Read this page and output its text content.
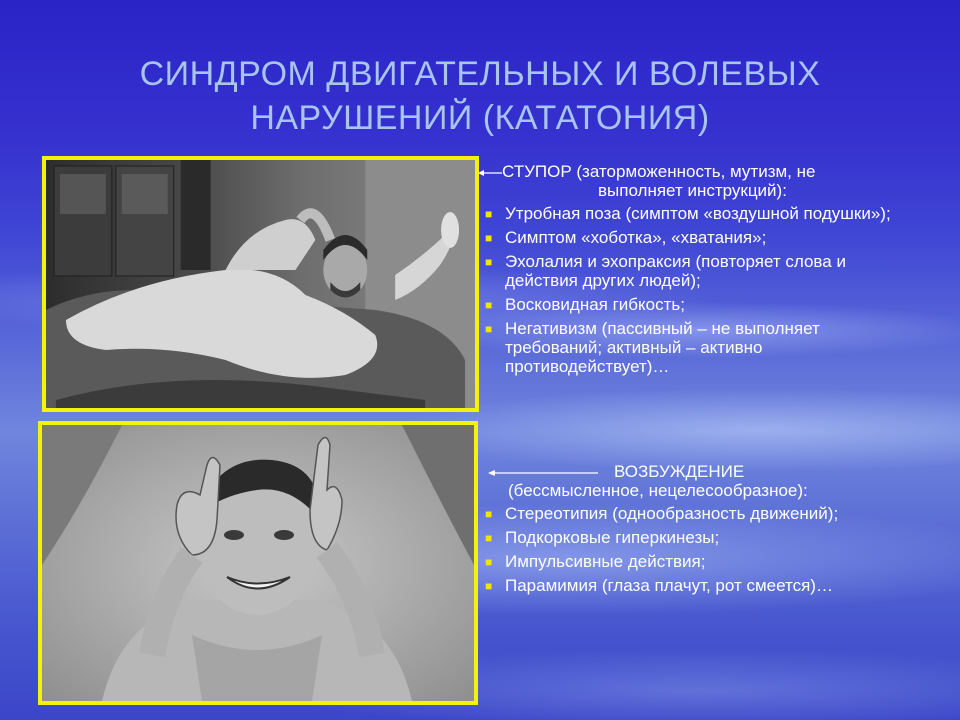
СИНДРОМ ДВИГАТЕЛЬНЫХ И ВОЛЕВЫХ
НАРУШЕНИЙ (КАТАТОНИЯ)
СТУПОР (заторможенность, мутизм, не
выполняет инструкций):
■ Утробная поза (симптом «воздушной подушки»);
■ Симптом «хоботка», «хватания»;
■ Эхолалия и эхопраксия (повторяет слова и действия других людей);
■ Восковидная гибкость;
■ Негативизм (пассивный – не выполняет требований; активный – активно противодействует)…
ВОЗБУЖДЕНИЕ
(бессмысленное, нецелесообразное):
■ Стереотипия (однообразность движений);
■ Подкорковые гиперкинезы;
■ Импульсивные действия;
■ Парамимия (глаза плачут, рот смеется)…
